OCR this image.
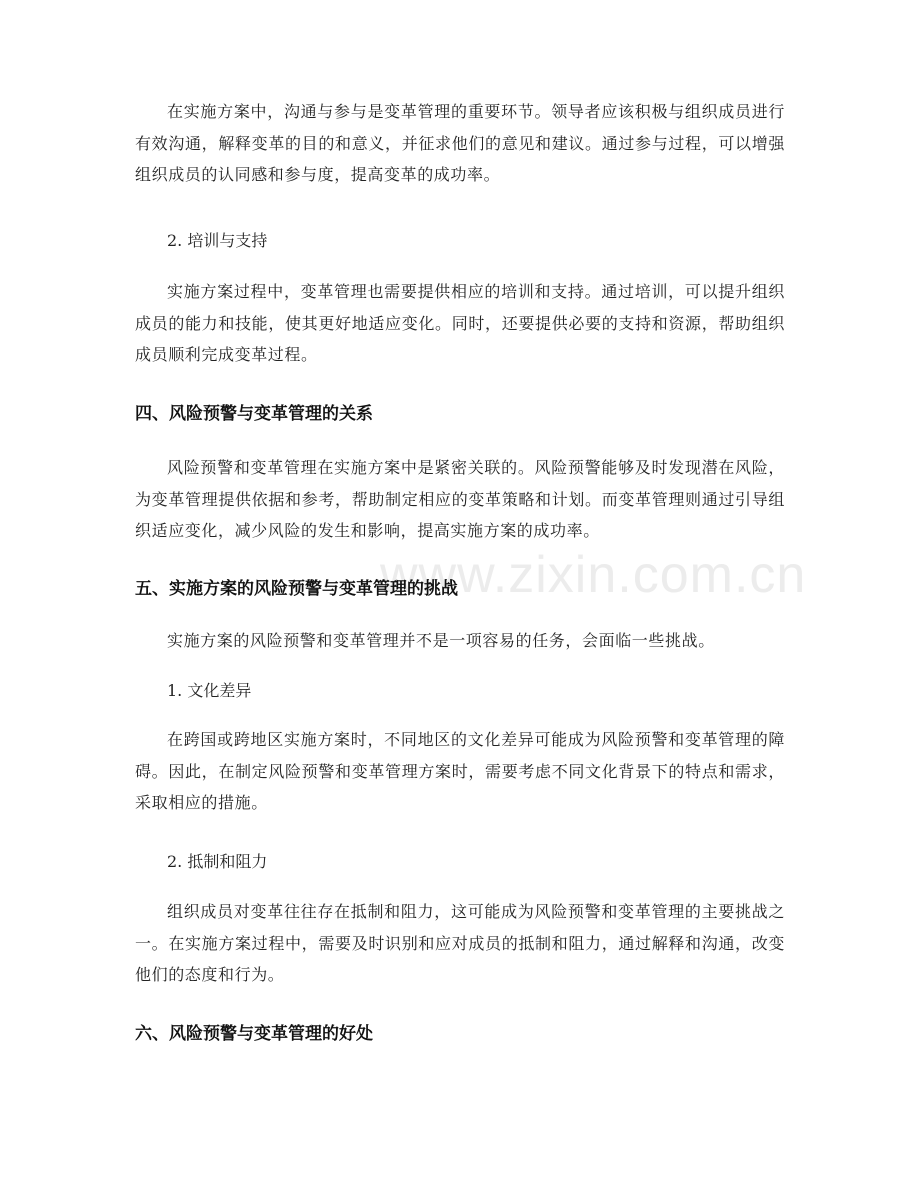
www.zixin.com.cn

在实施方案中，沟通与参与是变革管理的重要环节。领导者应该积极与组织成员进行有效沟通，解释变革的目的和意义，并征求他们的意见和建议。通过参与过程，可以增强组织成员的认同感和参与度，提高变革的成功率。

2. 培训与支持

实施方案过程中，变革管理也需要提供相应的培训和支持。通过培训，可以提升组织成员的能力和技能，使其更好地适应变化。同时，还要提供必要的支持和资源，帮助组织成员顺利完成变革过程。

四、风险预警与变革管理的关系

风险预警和变革管理在实施方案中是紧密关联的。风险预警能够及时发现潜在风险，为变革管理提供依据和参考，帮助制定相应的变革策略和计划。而变革管理则通过引导组织适应变化，减少风险的发生和影响，提高实施方案的成功率。

五、实施方案的风险预警与变革管理的挑战

实施方案的风险预警和变革管理并不是一项容易的任务，会面临一些挑战。

1. 文化差异

在跨国或跨地区实施方案时，不同地区的文化差异可能成为风险预警和变革管理的障碍。因此，在制定风险预警和变革管理方案时，需要考虑不同文化背景下的特点和需求，采取相应的措施。

2. 抵制和阻力

组织成员对变革往往存在抵制和阻力，这可能成为风险预警和变革管理的主要挑战之一。在实施方案过程中，需要及时识别和应对成员的抵制和阻力，通过解释和沟通，改变他们的态度和行为。

六、风险预警与变革管理的好处
